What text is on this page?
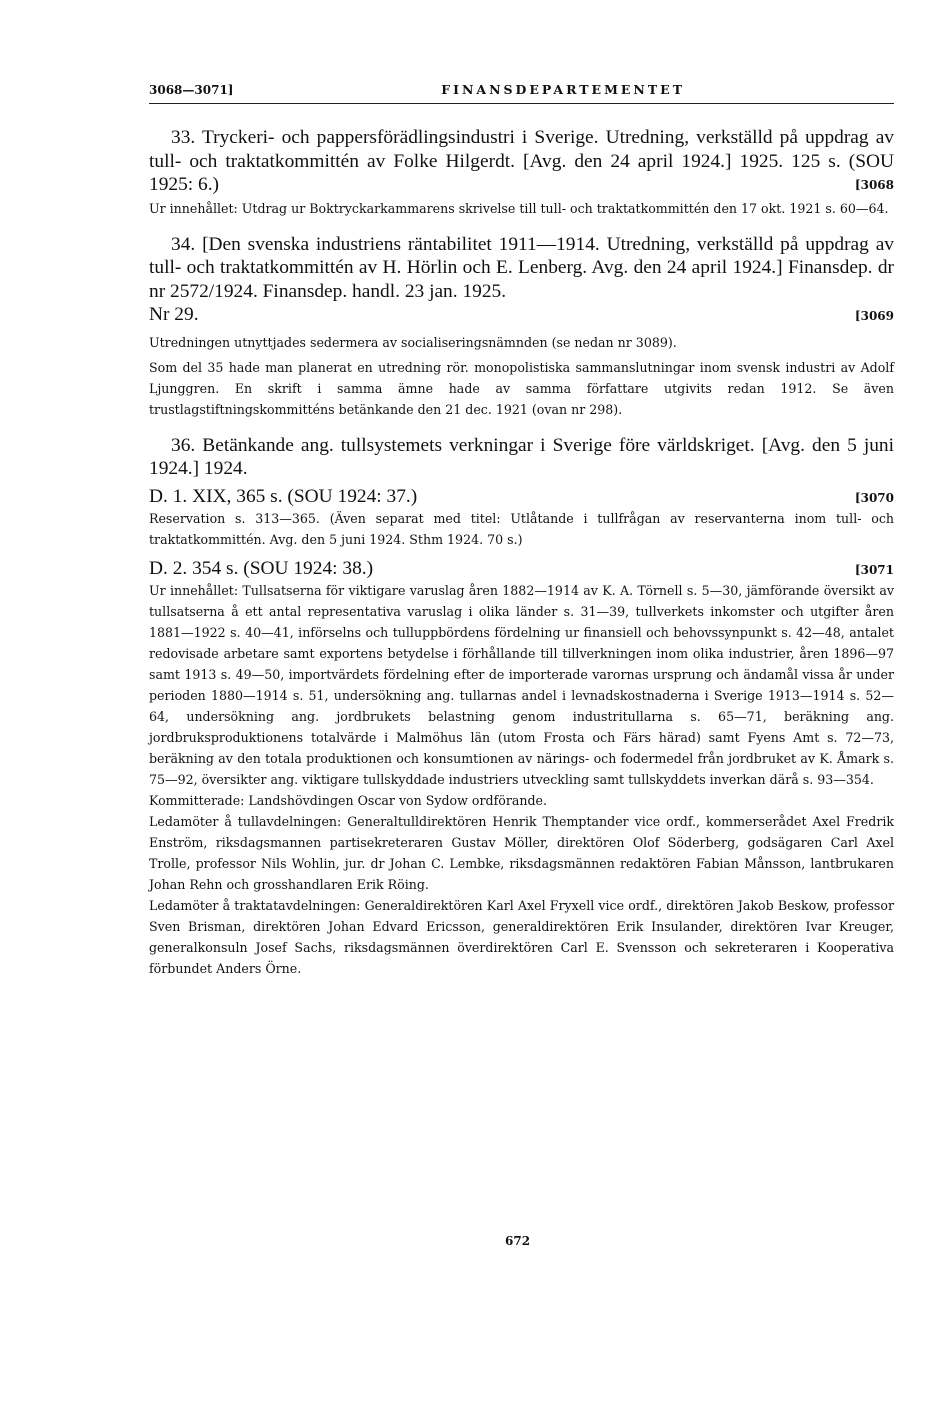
3068—3071]	FINANSDEPARTEMENTET

33. Tryckeri- och pappersförädlingsindustri i Sverige. Utredning, verkställd på uppdrag av tull- och traktatkommittén av Folke Hilgerdt. [Avg. den 24 april 1924.] 1925. 125 s. (SOU 1925: 6.)	[3068

Ur innehållet: Utdrag ur Boktryckarkammarens skrivelse till tull- och traktatkommittén den 17 okt. 1921 s. 60—64.

34. [Den svenska industriens räntabilitet 1911—1914. Utredning, verkställd på uppdrag av tull- och traktatkommittén av H. Hörlin och E. Lenberg. Avg. den 24 april 1924.] Finansdep. dr nr 2572/1924. Finansdep. handl. 23 jan. 1925.

Nr 29.	[3069

Utredningen utnyttjades sedermera av socialiseringsnämnden (se nedan nr 3089).

Som del 35 hade man planerat en utredning rör. monopolistiska sammanslutningar inom svensk industri av Adolf Ljunggren. En skrift i samma ämne hade av samma författare utgivits redan 1912. Se även trustlagstiftningskommitténs betänkande den 21 dec. 1921 (ovan nr 298).

36. Betänkande ang. tullsystemets verkningar i Sverige före världskriget. [Avg. den 5 juni 1924.] 1924.

D. 1. XIX, 365 s. (SOU 1924: 37.)	[3070

Reservation s. 313—365. (Även separat med titel: Utlåtande i tullfrågan av reservanterna inom tull- och traktatkommittén. Avg. den 5 juni 1924. Sthm 1924. 70 s.)

D. 2. 354 s. (SOU 1924: 38.)	[3071

Ur innehållet: Tullsatserna för viktigare varuslag åren 1882—1914 av K. A. Törnell s. 5—30, jämförande översikt av tullsatserna å ett antal representativa varuslag i olika länder s. 31—39, tullverkets inkomster och utgifter åren 1881—1922 s. 40—41, införselns och tulluppbördens fördelning ur finansiell och behovssynpunkt s. 42—48, antalet redovisade arbetare samt exportens betydelse i förhållande till tillverkningen inom olika industrier, åren 1896—97 samt 1913 s. 49—50, importvärdets fördelning efter de importerade varornas ursprung och ändamål vissa år under perioden 1880—1914 s. 51, undersökning ang. tullarnas andel i levnadskostnaderna i Sverige 1913—1914 s. 52—64, undersökning ang. jordbrukets belastning genom industritullarna s. 65—71, beräkning ang. jordbruksproduktionens totalvärde i Malmöhus län (utom Frosta och Färs härad) samt Fyens Amt s. 72—73, beräkning av den totala produktionen och konsumtionen av närings- och fodermedel från jordbruket av K. Åmark s. 75—92, översikter ang. viktigare tullskyddade industriers utveckling samt tullskyddets inverkan därå s. 93—354.

Kommitterade: Landshövdingen Oscar von Sydow ordförande.

Ledamöter å tullavdelningen: Generaltulldirektören Henrik Themptander vice ordf., kommerserådet Axel Fredrik Enström, riksdagsmannen partisekreteraren Gustav Möller, direktören Olof Söderberg, godsägaren Carl Axel Trolle, professor Nils Wohlin, jur. dr Johan C. Lembke, riksdagsmännen redaktören Fabian Månsson, lantbrukaren Johan Rehn och grosshandlaren Erik Röing.

Ledamöter å traktatavdelningen: Generaldirektören Karl Axel Fryxell vice ordf., direktören Jakob Beskow, professor Sven Brisman, direktören Johan Edvard Ericsson, generaldirektören Erik Insulander, direktören Ivar Kreuger, generalkonsuln Josef Sachs, riksdagsmännen överdirektören Carl E. Svensson och sekreteraren i Kooperativa förbundet Anders Örne.

672
